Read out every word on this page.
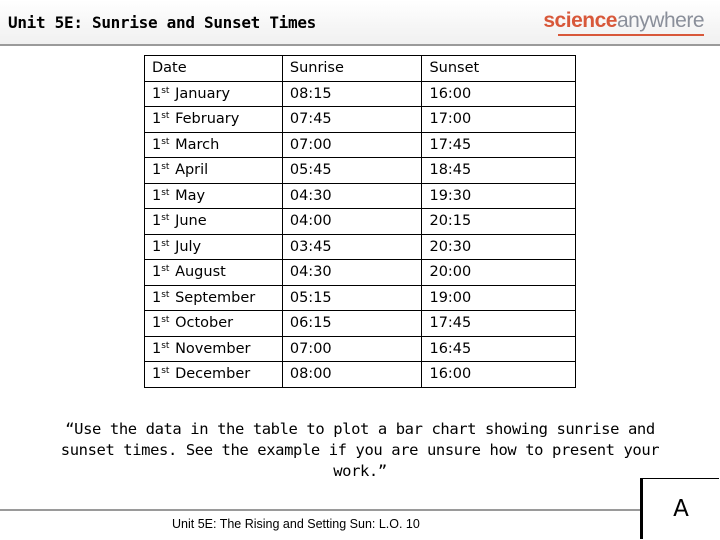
Unit 5E: Sunrise and Sunset Times	scienceanywhere
Date	Sunrise	Sunset
1st January	08:15	16:00
1st February	07:45	17:00
1st March	07:00	17:45
1st April	05:45	18:45
1st May	04:30	19:30
1st June	04:00	20:15
1st July	03:45	20:30
1st August	04:30	20:00
1st September	05:15	19:00
1st October	06:15	17:45
1st November	07:00	16:45
1st December	08:00	16:00
“Use the data in the table to plot a bar chart showing sunrise and
sunset times. See the example if you are unsure how to present your
work.”
Unit 5E: The Rising and Setting Sun: L.O. 10
A
